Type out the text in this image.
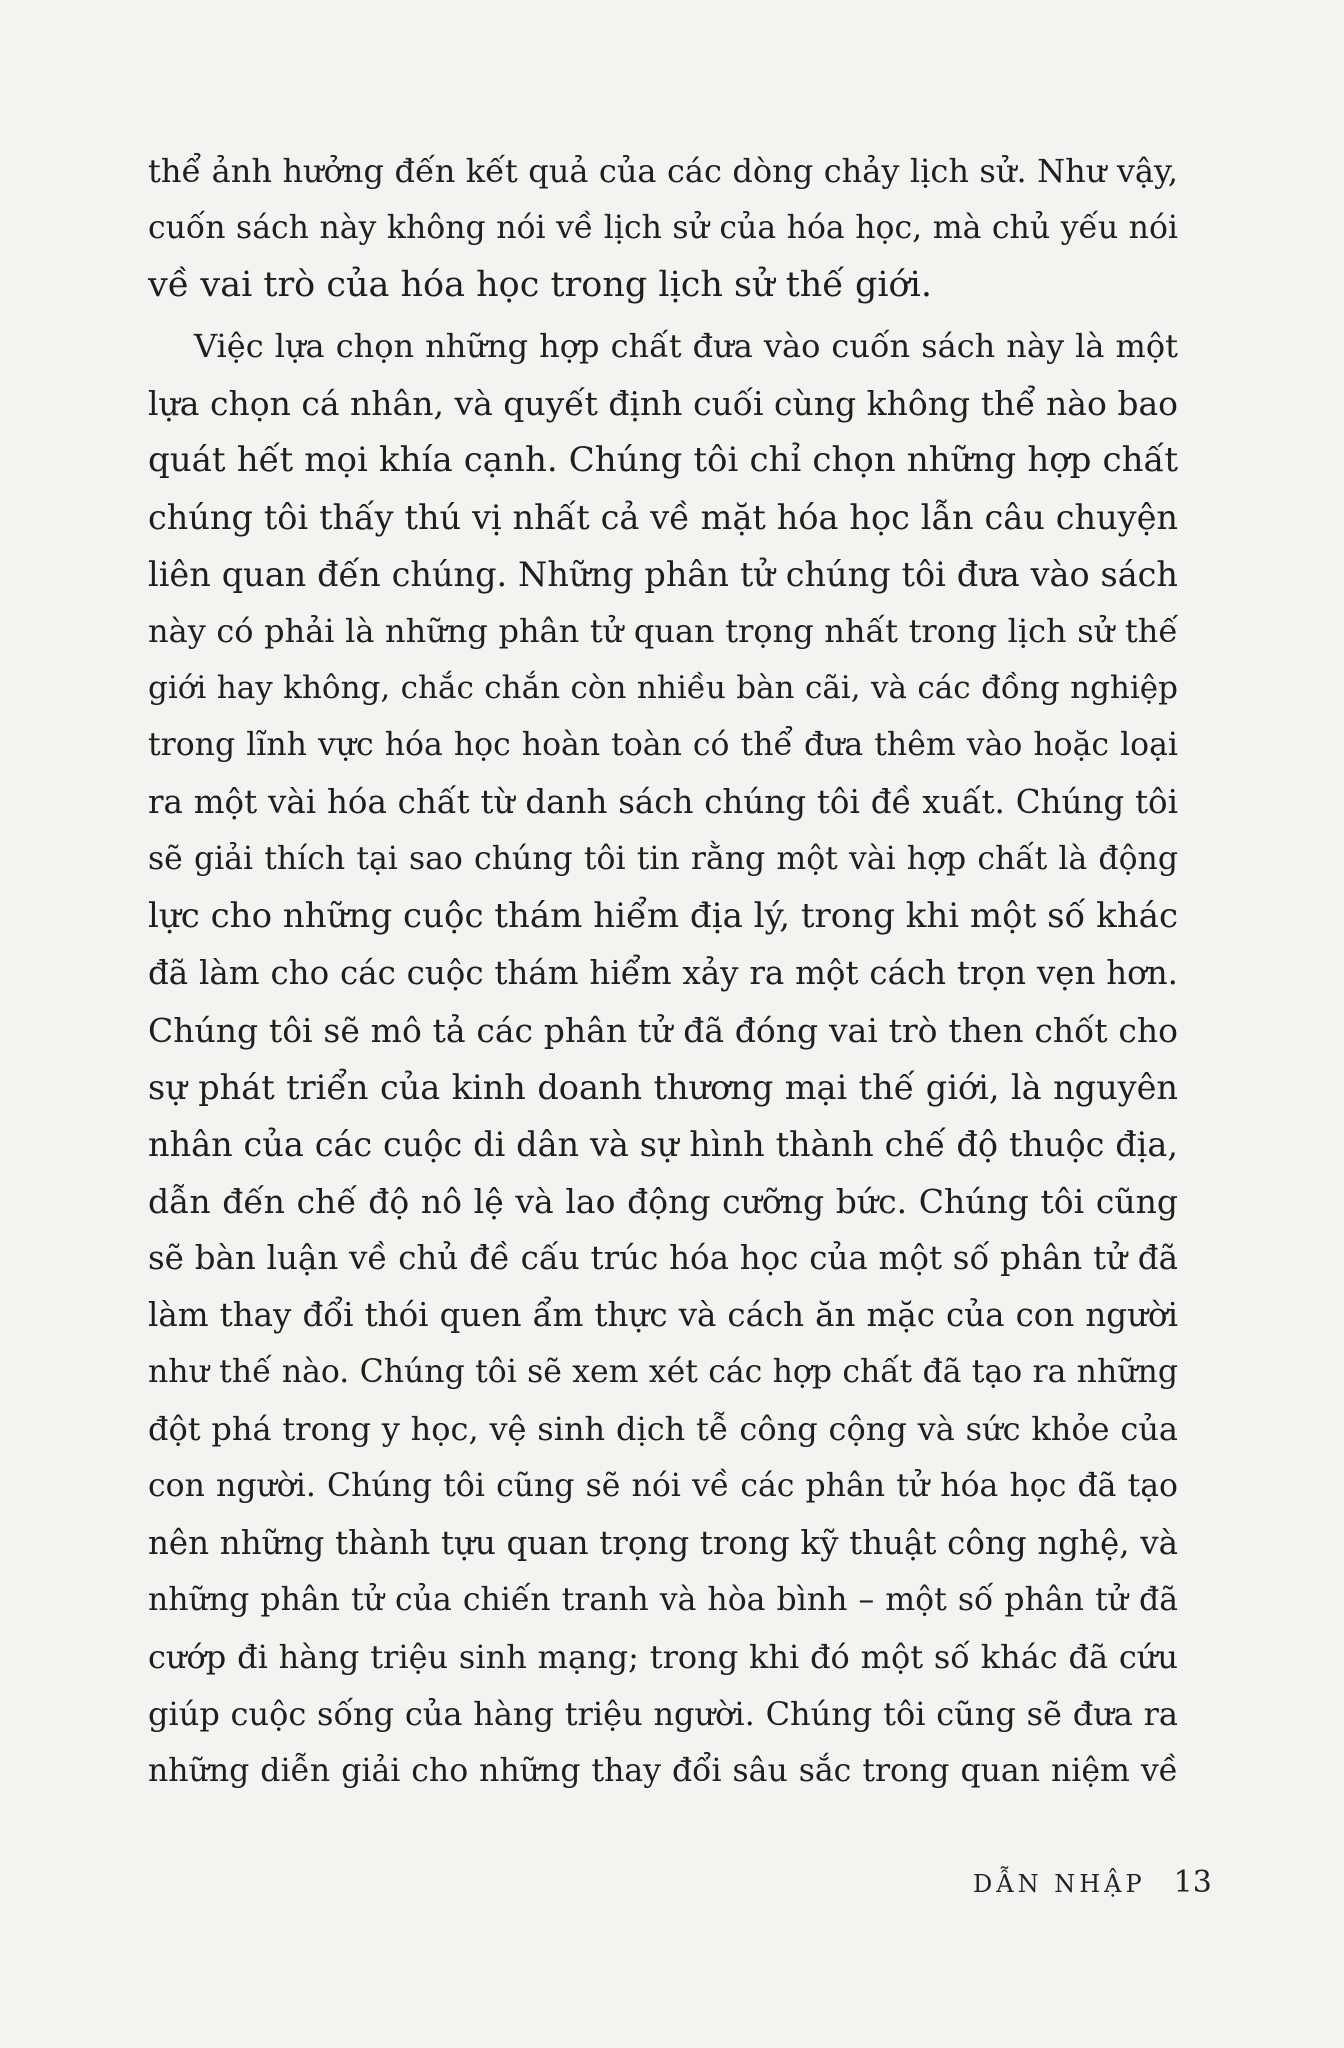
thể ảnh hưởng đến kết quả của các dòng chảy lịch sử. Như vậy,
cuốn sách này không nói về lịch sử của hóa học, mà chủ yếu nói
về vai trò của hóa học trong lịch sử thế giới.
Việc lựa chọn những hợp chất đưa vào cuốn sách này là một
lựa chọn cá nhân, và quyết định cuối cùng không thể nào bao
quát hết mọi khía cạnh. Chúng tôi chỉ chọn những hợp chất
chúng tôi thấy thú vị nhất cả về mặt hóa học lẫn câu chuyện
liên quan đến chúng. Những phân tử chúng tôi đưa vào sách
này có phải là những phân tử quan trọng nhất trong lịch sử thế
giới hay không, chắc chắn còn nhiều bàn cãi, và các đồng nghiệp
trong lĩnh vực hóa học hoàn toàn có thể đưa thêm vào hoặc loại
ra một vài hóa chất từ danh sách chúng tôi đề xuất. Chúng tôi
sẽ giải thích tại sao chúng tôi tin rằng một vài hợp chất là động
lực cho những cuộc thám hiểm địa lý, trong khi một số khác
đã làm cho các cuộc thám hiểm xảy ra một cách trọn vẹn hơn.
Chúng tôi sẽ mô tả các phân tử đã đóng vai trò then chốt cho
sự phát triển của kinh doanh thương mại thế giới, là nguyên
nhân của các cuộc di dân và sự hình thành chế độ thuộc địa,
dẫn đến chế độ nô lệ và lao động cưỡng bức. Chúng tôi cũng
sẽ bàn luận về chủ đề cấu trúc hóa học của một số phân tử đã
làm thay đổi thói quen ẩm thực và cách ăn mặc của con người
như thế nào. Chúng tôi sẽ xem xét các hợp chất đã tạo ra những
đột phá trong y học, vệ sinh dịch tễ công cộng và sức khỏe của
con người. Chúng tôi cũng sẽ nói về các phân tử hóa học đã tạo
nên những thành tựu quan trọng trong kỹ thuật công nghệ, và
những phân tử của chiến tranh và hòa bình – một số phân tử đã
cướp đi hàng triệu sinh mạng; trong khi đó một số khác đã cứu
giúp cuộc sống của hàng triệu người. Chúng tôi cũng sẽ đưa ra
những diễn giải cho những thay đổi sâu sắc trong quan niệm về
DẪN NHẬP 13
